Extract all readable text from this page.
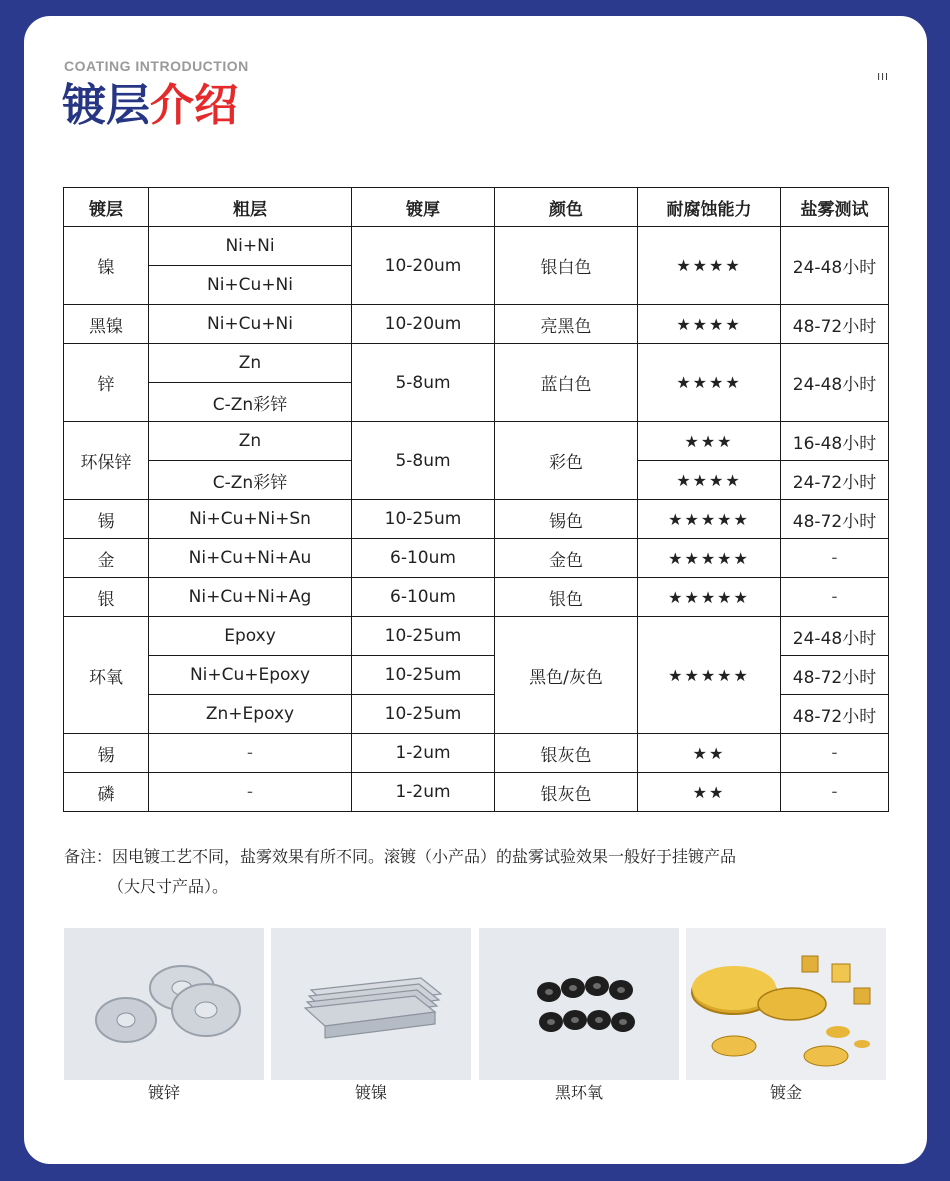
COATING INTRODUCTION
镀层介绍
III
镀层	粗层	镀厚	颜色	耐腐蚀能力	盐雾测试
镍	Ni+Ni	10-20um	银白色	★★★★	24-48小时
	Ni+Cu+Ni				
黑镍	Ni+Cu+Ni	10-20um	亮黑色	★★★★	48-72小时
锌	Zn	5-8um	蓝白色	★★★★	24-48小时
	C-Zn彩锌				
环保锌	Zn	5-8um	彩色	★★★	16-48小时
	C-Zn彩锌			★★★★	24-72小时
锡	Ni+Cu+Ni+Sn	10-25um	锡色	★★★★★	48-72小时
金	Ni+Cu+Ni+Au	6-10um	金色	★★★★★	-
银	Ni+Cu+Ni+Ag	6-10um	银色	★★★★★	-
环氧	Epoxy	10-25um	黑色/灰色	★★★★★	24-48小时
	Ni+Cu+Epoxy	10-25um			48-72小时
	Zn+Epoxy	10-25um			48-72小时
锡	-	1-2um	银灰色	★★	-
磷	-	1-2um	银灰色	★★	-
备注：因电镀工艺不同，盐雾效果有所不同。滚镀（小产品）的盐雾试验效果一般好于挂镀产品
（大尺寸产品）。
镀锌	镀镍	黑环氧	镀金
